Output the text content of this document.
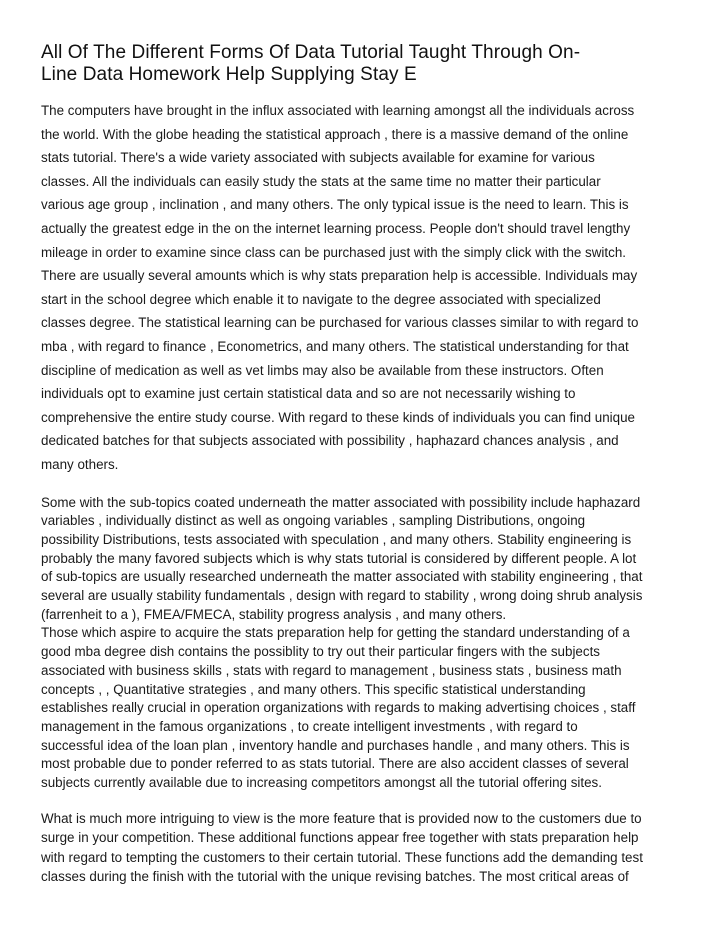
All Of The Different Forms Of Data Tutorial Taught Through On-
Line Data Homework Help Supplying Stay E

The computers have brought in the influx associated with learning amongst all the individuals across
the world. With the globe heading the statistical approach , there is a massive demand of the online
stats tutorial. There's a wide variety associated with subjects available for examine for various
classes. All the individuals can easily study the stats at the same time no matter their particular
various age group , inclination , and many others. The only typical issue is the need to learn. This is
actually the greatest edge in the on the internet learning process. People don't should travel lengthy
mileage in order to examine since class can be purchased just with the simply click with the switch.
There are usually several amounts which is why stats preparation help is accessible. Individuals may
start in the school degree which enable it to navigate to the degree associated with specialized
classes degree. The statistical learning can be purchased for various classes similar to with regard to
mba , with regard to finance , Econometrics, and many others. The statistical understanding for that
discipline of medication as well as vet limbs may also be available from these instructors. Often
individuals opt to examine just certain statistical data and so are not necessarily wishing to
comprehensive the entire study course. With regard to these kinds of individuals you can find unique
dedicated batches for that subjects associated with possibility , haphazard chances analysis , and
many others.

Some with the sub-topics coated underneath the matter associated with possibility include haphazard
variables , individually distinct as well as ongoing variables , sampling Distributions, ongoing
possibility Distributions, tests associated with speculation , and many others. Stability engineering is
probably the many favored subjects which is why stats tutorial is considered by different people. A lot
of sub-topics are usually researched underneath the matter associated with stability engineering , that
several are usually stability fundamentals , design with regard to stability , wrong doing shrub analysis
(farrenheit to a ), FMEA/FMECA, stability progress analysis , and many others.
Those which aspire to acquire the stats preparation help for getting the standard understanding of a
good mba degree dish contains the possiblity to try out their particular fingers with the subjects
associated with business skills , stats with regard to management , business stats , business math
concepts , , Quantitative strategies , and many others. This specific statistical understanding
establishes really crucial in operation organizations with regards to making advertising choices , staff
management in the famous organizations , to create intelligent investments , with regard to
successful idea of the loan plan , inventory handle and purchases handle , and many others. This is
most probable due to ponder referred to as stats tutorial. There are also accident classes of several
subjects currently available due to increasing competitors amongst all the tutorial offering sites.

What is much more intriguing to view is the more feature that is provided now to the customers due to
surge in your competition. These additional functions appear free together with stats preparation help
with regard to tempting the customers to their certain tutorial. These functions add the demanding test
classes during the finish with the tutorial with the unique revising batches. The most critical areas of
